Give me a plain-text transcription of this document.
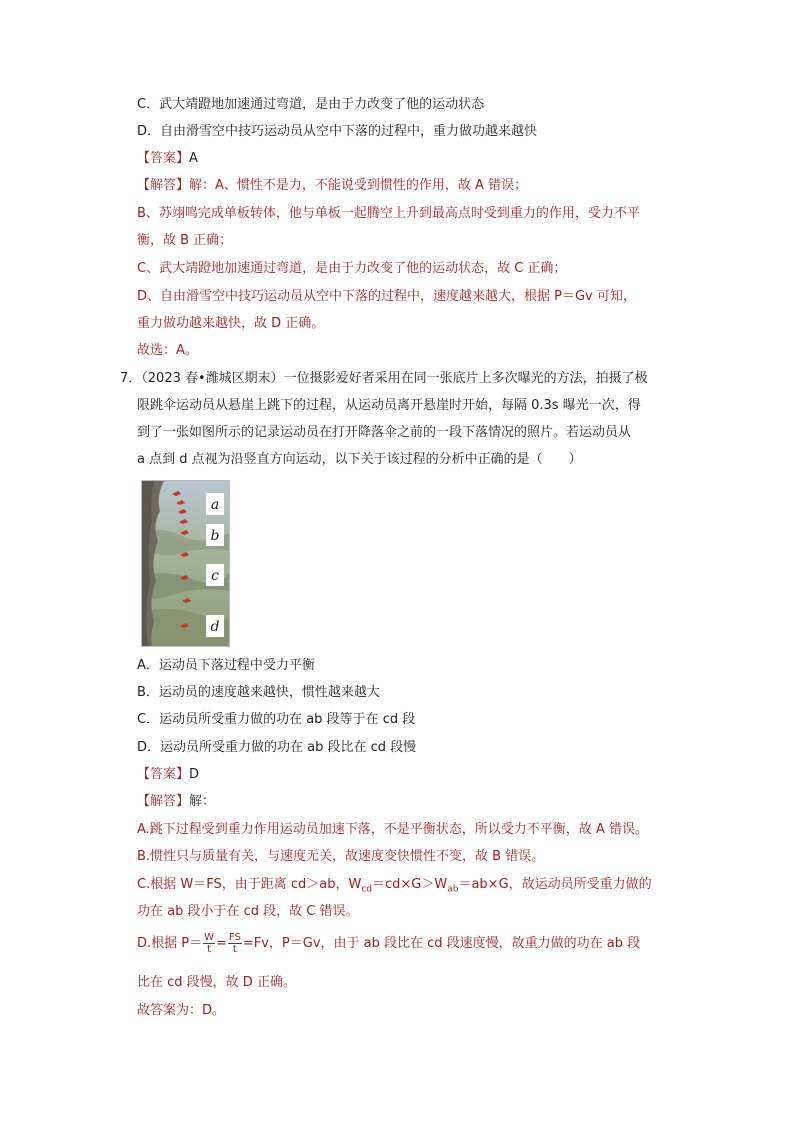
C．武大靖蹬地加速通过弯道，是由于力改变了他的运动状态
D．自由滑雪空中技巧运动员从空中下落的过程中，重力做功越来越快
【答案】A
【解答】解：A、惯性不是力，不能说受到惯性的作用，故 A 错误；
B、苏翊鸣完成单板转体，他与单板一起腾空上升到最高点时受到重力的作用，受力不平
衡，故 B 正确；
C、武大靖蹬地加速通过弯道，是由于力改变了他的运动状态，故 C 正确；
D、自由滑雪空中技巧运动员从空中下落的过程中，速度越来越大，根据 P＝Gv 可知，
重力做功越来越快，故 D 正确。
故选：A。
7．（2023 春•潍城区期末）一位摄影爱好者采用在同一张底片上多次曝光的方法，拍摄了极
限跳伞运动员从悬崖上跳下的过程，从运动员离开悬崖时开始，每隔 0.3s 曝光一次，得
到了一张如图所示的记录运动员在打开降落伞之前的一段下落情况的照片。若运动员从
a 点到 d 点视为沿竖直方向运动，以下关于该过程的分析中正确的是（　　）
a
b
c
d
A．运动员下落过程中受力平衡
B．运动员的速度越来越快，惯性越来越大
C．运动员所受重力做的功在 ab 段等于在 cd 段
D．运动员所受重力做的功在 ab 段比在 cd 段慢
【答案】D
【解答】解：
A.跳下过程受到重力作用运动员加速下落，不是平衡状态，所以受力不平衡，故 A 错误。
B.惯性只与质量有关，与速度无关，故速度变快惯性不变，故 B 错误。
C.根据 W＝FS，由于距离 cd＞ab，$W_{cd}=cd\times G>W_{ab}=ab\times G$，故运动员所受重力做的
功在 ab 段小于在 cd 段，故 C 错误。
D.根据 $P= \frac{W}{t} = \frac{FS}{t} =Fv$，P＝Gv，由于 ab 段比在 cd 段速度慢，故重力做的功在 ab 段
比在 cd 段慢，故 D 正确。
故答案为：D。
